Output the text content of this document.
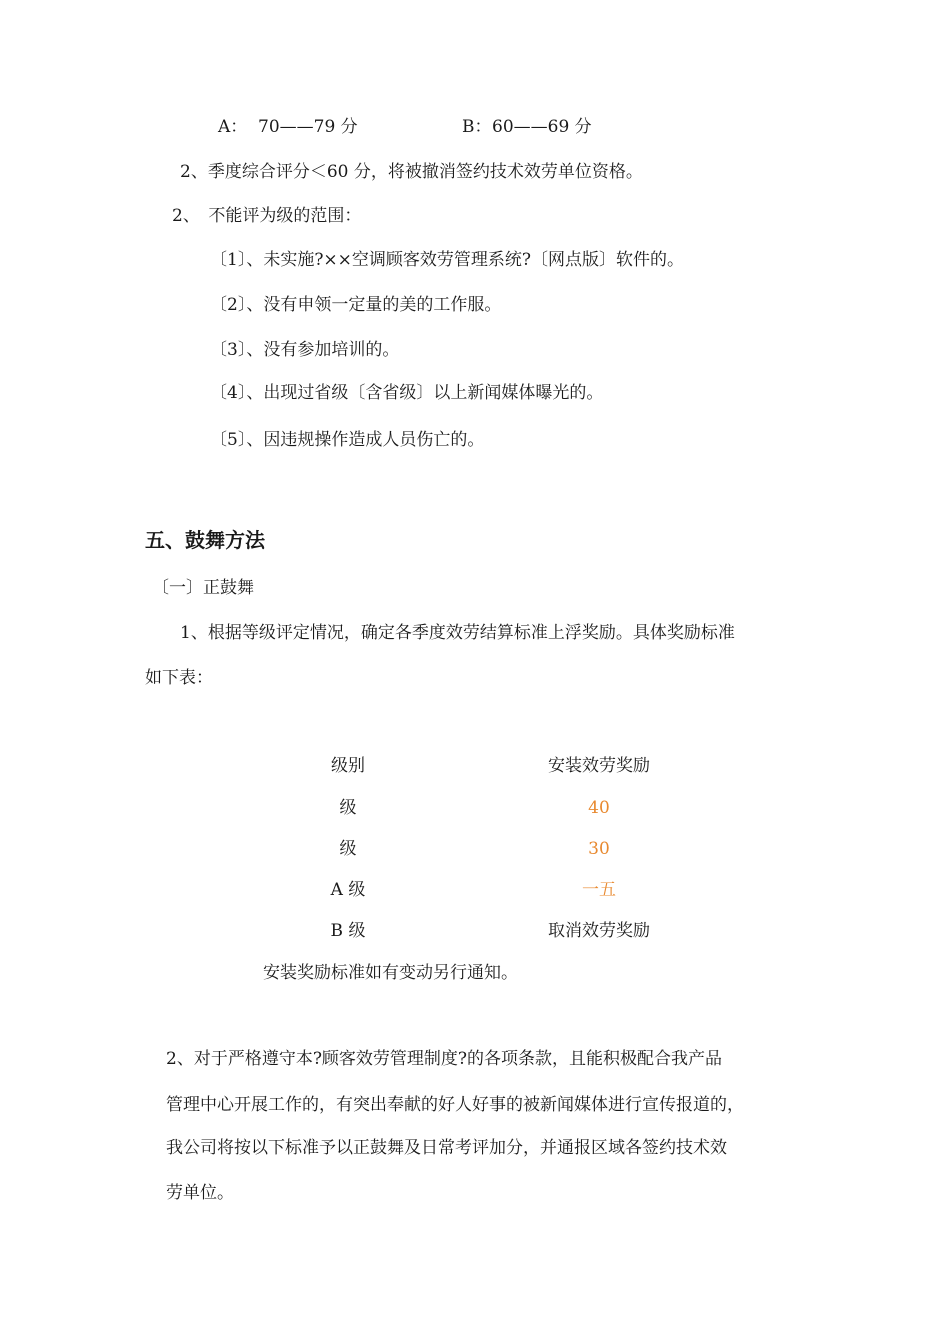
A： 70——79 分	B： 60——69 分
2、季度综合评分＜60 分，将被撤消签约技术效劳单位资格。
2、　不能评为级的范围：
〔1〕、未实施?××空调顾客效劳管理系统?〔网点版〕软件的。
〔2〕、没有申领一定量的美的工作服。
〔3〕、没有参加培训的。
〔4〕、出现过省级〔含省级〕以上新闻媒体曝光的。
〔5〕、因违规操作造成人员伤亡的。
五、鼓舞方法
〔一〕正鼓舞
1、根据等级评定情况，确定各季度效劳结算标准上浮奖励。具体奖励标准
如下表：
级别	安装效劳奖励
级	40
级	30
A 级	一五
B 级	取消效劳奖励
安装奖励标准如有变动另行通知。
2、对于严格遵守本?顾客效劳管理制度?的各项条款，且能积极配合我产品
管理中心开展工作的，有突出奉献的好人好事的被新闻媒体进行宣传报道的，
我公司将按以下标准予以正鼓舞及日常考评加分，并通报区域各签约技术效
劳单位。
